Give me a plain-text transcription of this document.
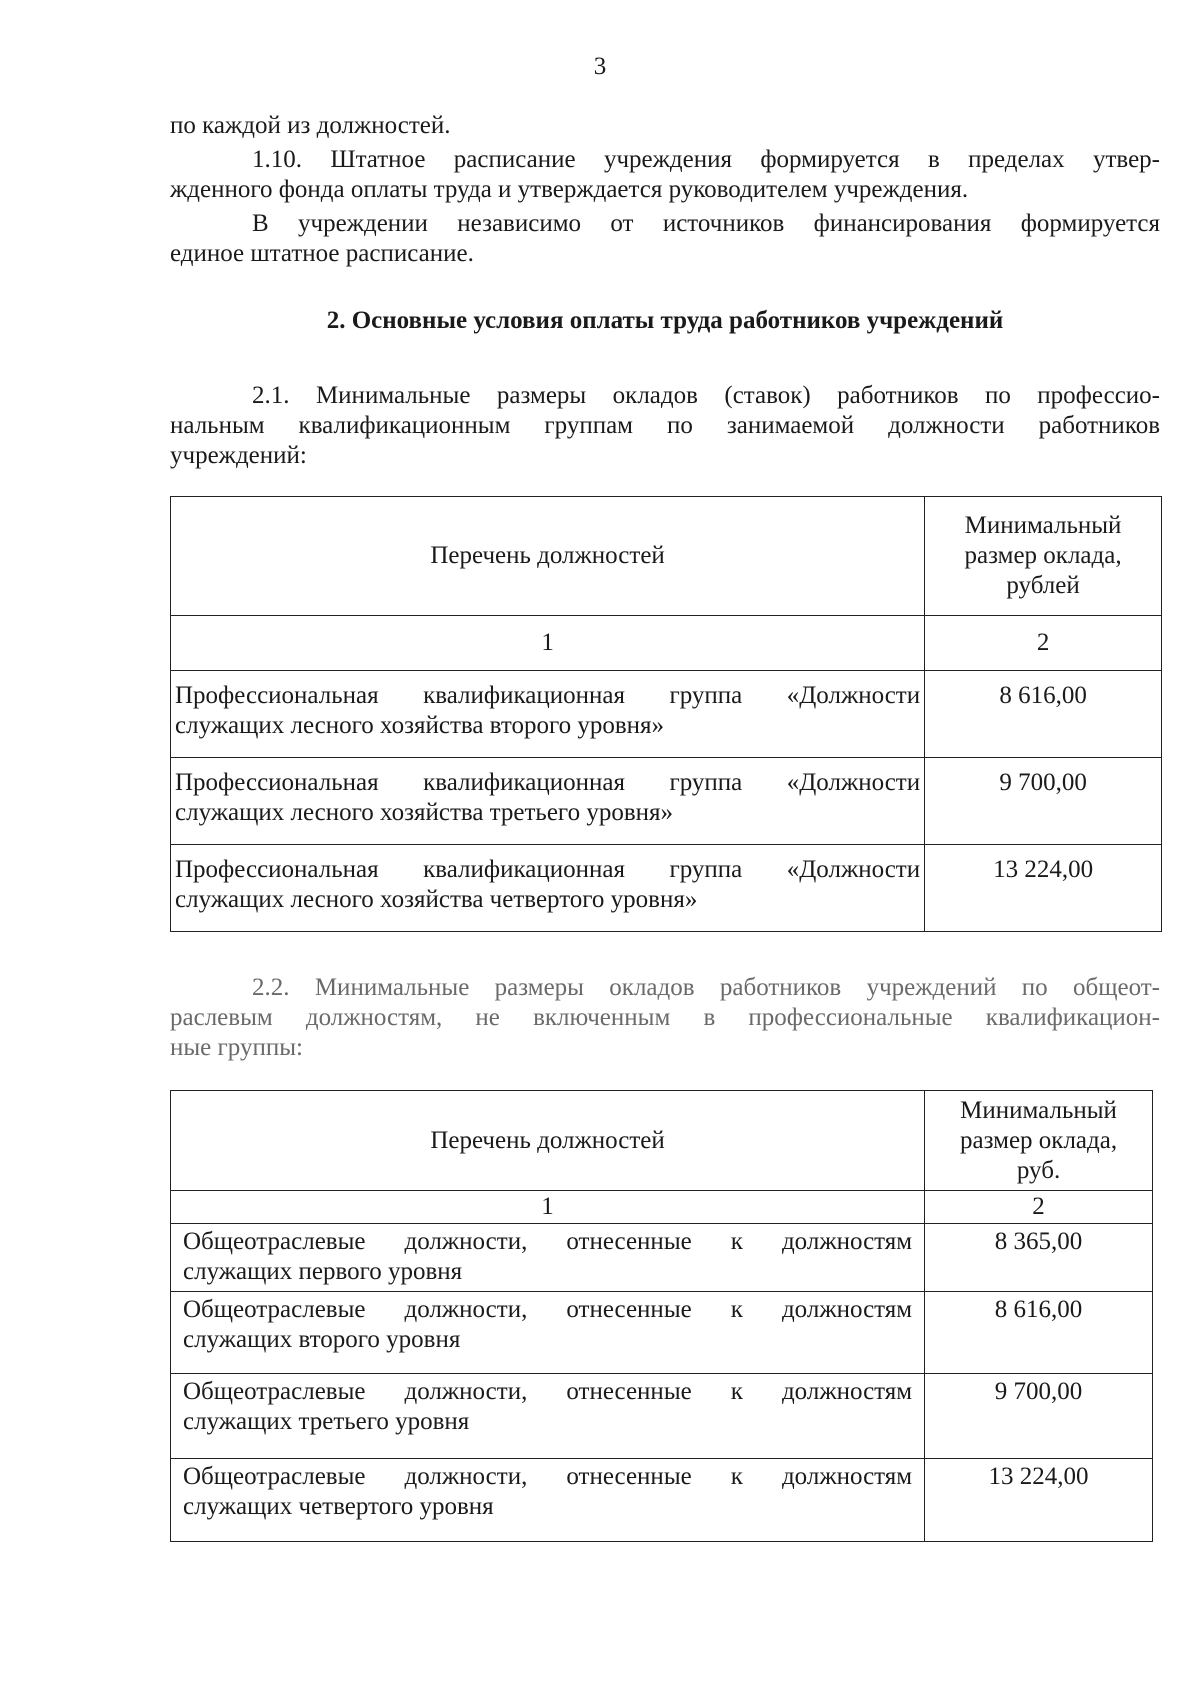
3

по каждой из должностей.

1.10. Штатное расписание учреждения формируется в пределах утвер-

жденного фонда оплаты труда и утверждается руководителем учреждения.

В учреждении независимо от источников финансирования формируется

единое штатное расписание.

2. Основные условия оплаты труда работников учреждений

2.1. Минимальные размеры окладов (ставок) работников по профессио-

нальным квалификационным группам по занимаемой должности работников

учреждений:

Перечень должностей	Минимальный
размер оклада,
рублей

1	2

Профессиональная квалификационная группа «Должности
служащих лесного хозяйства второго уровня»	8 616,00

Профессиональная квалификационная группа «Должности
служащих лесного хозяйства третьего уровня»	9 700,00

Профессиональная квалификационная группа «Должности
служащих лесного хозяйства четвертого уровня»	13 224,00

2.2. Минимальные размеры окладов работников учреждений по общеот-

раслевым должностям, не включенным в профессиональные квалификацион-

ные группы:

Перечень должностей	Минимальный
размер оклада,
руб.

1	2

Общеотраслевые должности, отнесенные к должностям
служащих первого уровня	8 365,00

Общеотраслевые должности, отнесенные к должностям
служащих второго уровня	8 616,00

Общеотраслевые должности, отнесенные к должностям
служащих третьего уровня	9 700,00

Общеотраслевые должности, отнесенные к должностям
служащих четвертого уровня	13 224,00
